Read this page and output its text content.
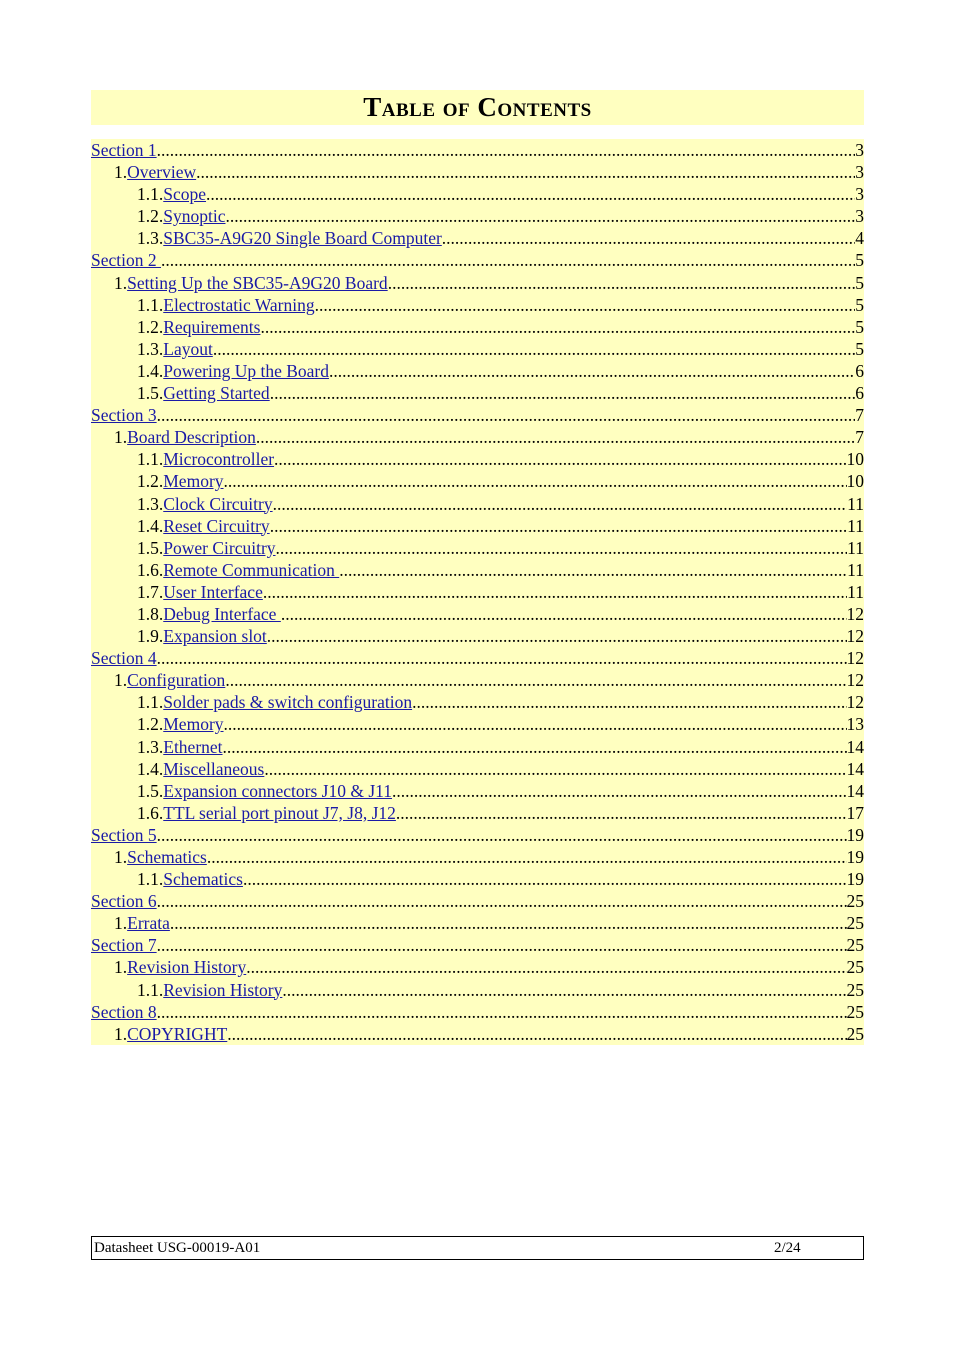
Table of Contents
Section 1 .....	3
1. Overview .....	3
1.1. Scope .....	3
1.2. Synoptic .....	3
1.3. SBC35-A9G20 Single Board Computer .....	4
Section 2 .....	5
1. Setting Up the SBC35-A9G20 Board .....	5
1.1. Electrostatic Warning .....	5
1.2. Requirements .....	5
1.3. Layout .....	5
1.4. Powering Up the Board .....	6
1.5. Getting Started .....	6
Section 3 .....	7
1. Board Description .....	7
1.1. Microcontroller .....	10
1.2. Memory .....	10
1.3. Clock Circuitry .....	11
1.4. Reset Circuitry .....	11
1.5. Power Circuitry .....	11
1.6. Remote Communication .....	11
1.7. User Interface .....	11
1.8. Debug Interface .....	12
1.9. Expansion slot .....	12
Section 4 .....	12
1. Configuration .....	12
1.1. Solder pads & switch configuration .....	12
1.2. Memory .....	13
1.3. Ethernet .....	14
1.4. Miscellaneous .....	14
1.5. Expansion connectors J10 & J11 .....	14
1.6. TTL serial port pinout J7, J8, J12 .....	17
Section 5 .....	19
1. Schematics .....	19
1.1. Schematics .....	19
Section 6 .....	25
1. Errata .....	25
Section 7 .....	25
1. Revision History .....	25
1.1. Revision History .....	25
Section 8 .....	25
1. COPYRIGHT .....	25
Datasheet USG-00019-A01	2/24
